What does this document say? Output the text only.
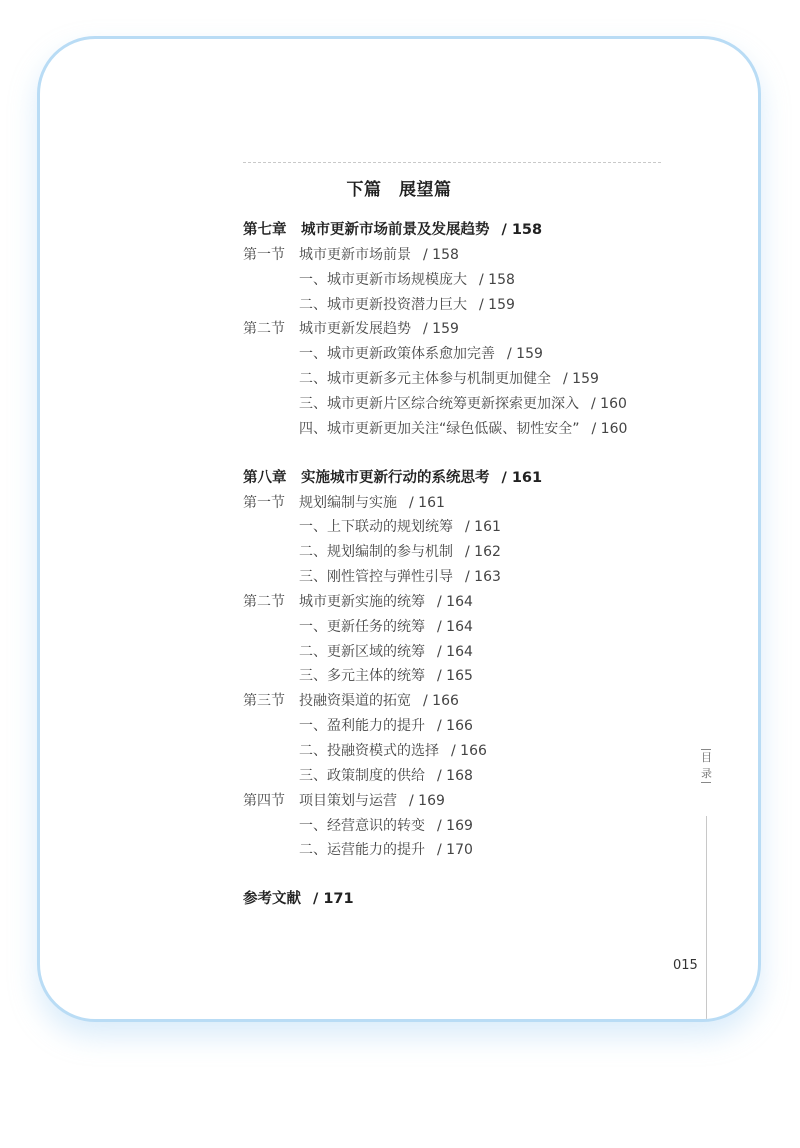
下篇　展望篇
第七章　城市更新市场前景及发展趋势 / 158
第一节 城市更新市场前景 / 158
一、城市更新市场规模庞大 / 158
二、城市更新投资潜力巨大 / 159
第二节 城市更新发展趋势 / 159
一、城市更新政策体系愈加完善 / 159
二、城市更新多元主体参与机制更加健全 / 159
三、城市更新片区综合统筹更新探索更加深入 / 160
四、城市更新更加关注“绿色低碳、韧性安全” / 160
第八章　实施城市更新行动的系统思考 / 161
第一节 规划编制与实施 / 161
一、上下联动的规划统筹 / 161
二、规划编制的参与机制 / 162
三、刚性管控与弹性引导 / 163
第二节 城市更新实施的统筹 / 164
一、更新任务的统筹 / 164
二、更新区域的统筹 / 164
三、多元主体的统筹 / 165
第三节 投融资渠道的拓宽 / 166
一、盈利能力的提升 / 166
二、投融资模式的选择 / 166
三、政策制度的供给 / 168
第四节 项目策划与运营 / 169
一、经营意识的转变 / 169
二、运营能力的提升 / 170
参考文献 / 171
目
录
015
